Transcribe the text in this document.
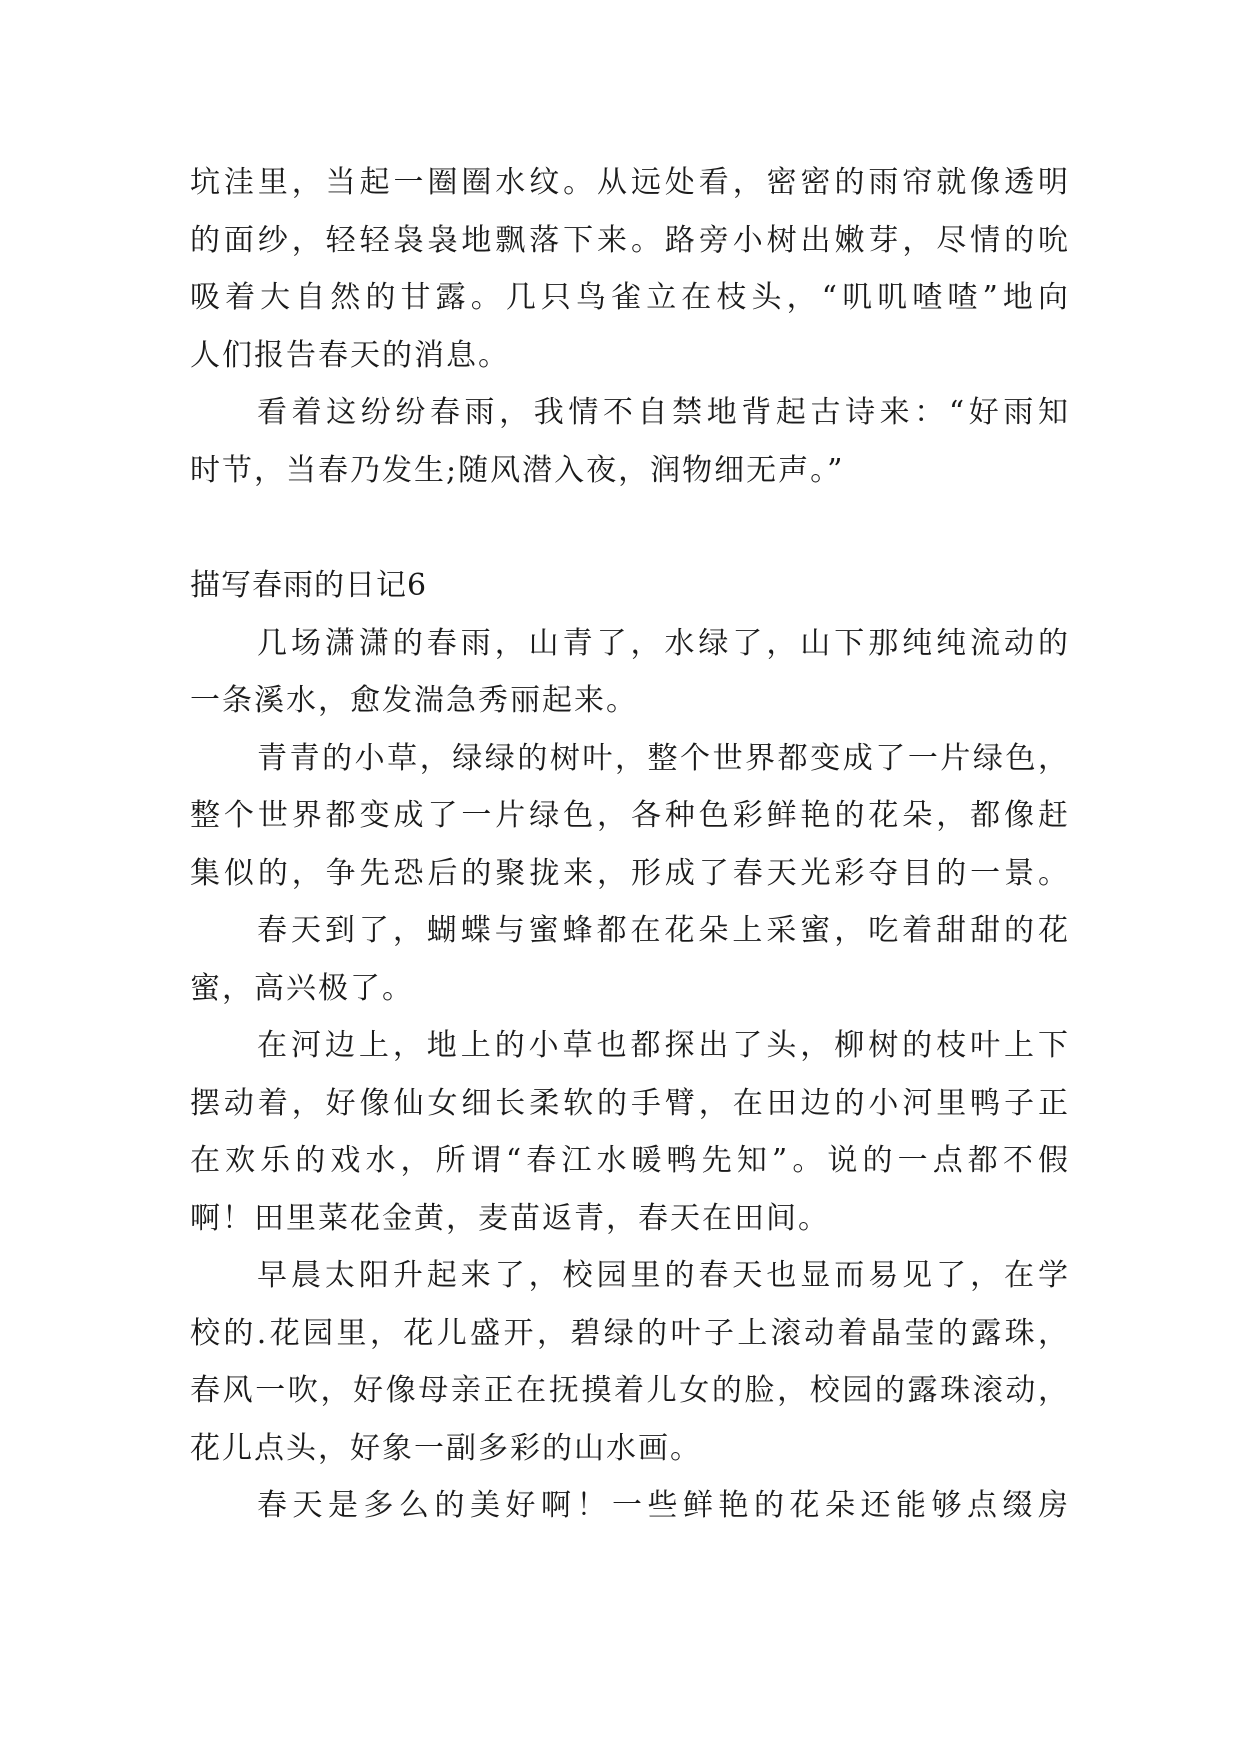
坑洼里，当起一圈圈水纹。从远处看，密密的雨帘就像透明
的面纱，轻轻袅袅地飘落下来。路旁小树出嫩芽，尽情的吮
吸着大自然的甘露。几只鸟雀立在枝头，“叽叽喳喳”地向
人们报告春天的消息。
看着这纷纷春雨，我情不自禁地背起古诗来：“好雨知
时节，当春乃发生;随风潜入夜，润物细无声。”
描写春雨的日记6
几场潇潇的春雨，山青了，水绿了，山下那纯纯流动的
一条溪水，愈发湍急秀丽起来。
青青的小草，绿绿的树叶，整个世界都变成了一片绿色，
整个世界都变成了一片绿色，各种色彩鲜艳的花朵，都像赶
集似的，争先恐后的聚拢来，形成了春天光彩夺目的一景。
春天到了，蝴蝶与蜜蜂都在花朵上采蜜，吃着甜甜的花
蜜，高兴极了。
在河边上，地上的小草也都探出了头，柳树的枝叶上下
摆动着，好像仙女细长柔软的手臂，在田边的小河里鸭子正
在欢乐的戏水，所谓“春江水暖鸭先知”。说的一点都不假
啊！田里菜花金黄，麦苗返青，春天在田间。
早晨太阳升起来了，校园里的春天也显而易见了，在学
校的.花园里，花儿盛开，碧绿的叶子上滚动着晶莹的露珠，
春风一吹，好像母亲正在抚摸着儿女的脸，校园的露珠滚动，
花儿点头，好象一副多彩的山水画。
春天是多么的美好啊！一些鲜艳的花朵还能够点缀房
